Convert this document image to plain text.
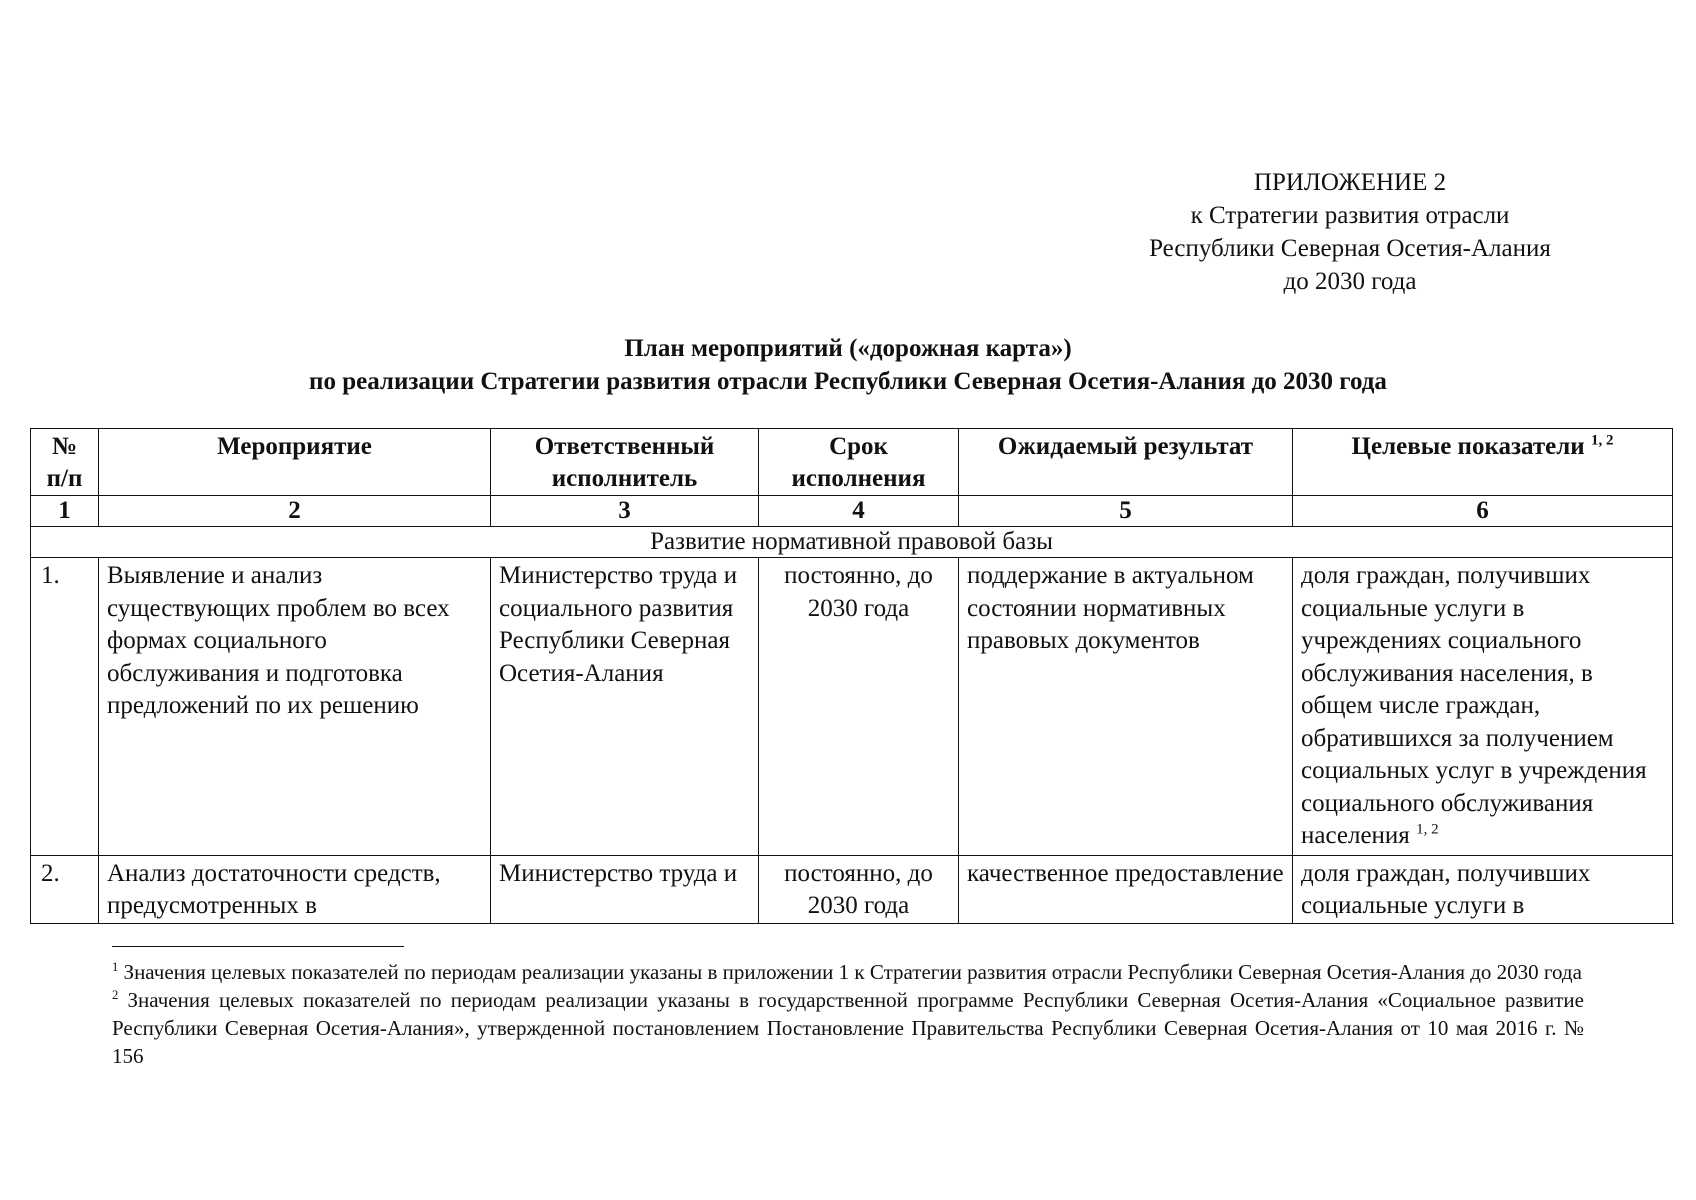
ПРИЛОЖЕНИЕ 2
к Стратегии развития отрасли
Республики Северная Осетия-Алания
до 2030 года
План мероприятий («дорожная карта»)
по реализации Стратегии развития отрасли Республики Северная Осетия-Алания до 2030 года
№ п/п	Мероприятие	Ответственный исполнитель	Срок исполнения	Ожидаемый результат	Целевые показатели $^{1, 2}$
1	2	3	4	5	6
Развитие нормативной правовой базы					
1.	Выявление и анализ существующих проблем во всех формах социального обслуживания и подготовка предложений по их решению	Министерство труда и социального развития Республики Северная Осетия-Алания	постоянно, до 2030 года	поддержание в актуальном состоянии нормативных правовых документов	доля граждан, получивших социальные услуги в учреждениях социального обслуживания населения, в общем числе граждан, обратившихся за получением социальных услуг в учреждения социального обслуживания населения $^{1, 2}$
2.	Анализ достаточности средств, предусмотренных в	Министерство труда и	постоянно, до 2030 года	качественное предоставление	доля граждан, получивших социальные услуги в

$^1$ Значения целевых показателей по периодам реализации указаны в приложении 1 к Стратегии развития отрасли Республики Северная Осетия-Алания до 2030 года

$^2$ Значения целевых показателей по периодам реализации указаны в государственной программе Республики Северная Осетия-Алания «Социальное развитие Республики Северная Осетия-Алания», утвержденной постановлением Постановление Правительства Республики Северная Осетия-Алания от 10 мая 2016 г. № 156
